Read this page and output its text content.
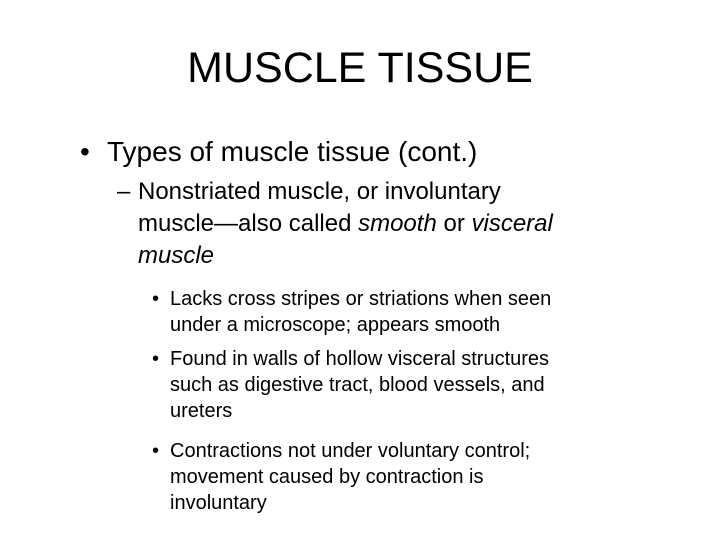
MUSCLE TISSUE
• Types of muscle tissue (cont.)
– Nonstriated muscle, or involuntary
muscle—also called smooth or visceral
muscle
• Lacks cross stripes or striations when seen
under a microscope; appears smooth
• Found in walls of hollow visceral structures
such as digestive tract, blood vessels, and
ureters
• Contractions not under voluntary control;
movement caused by contraction is
involuntary
